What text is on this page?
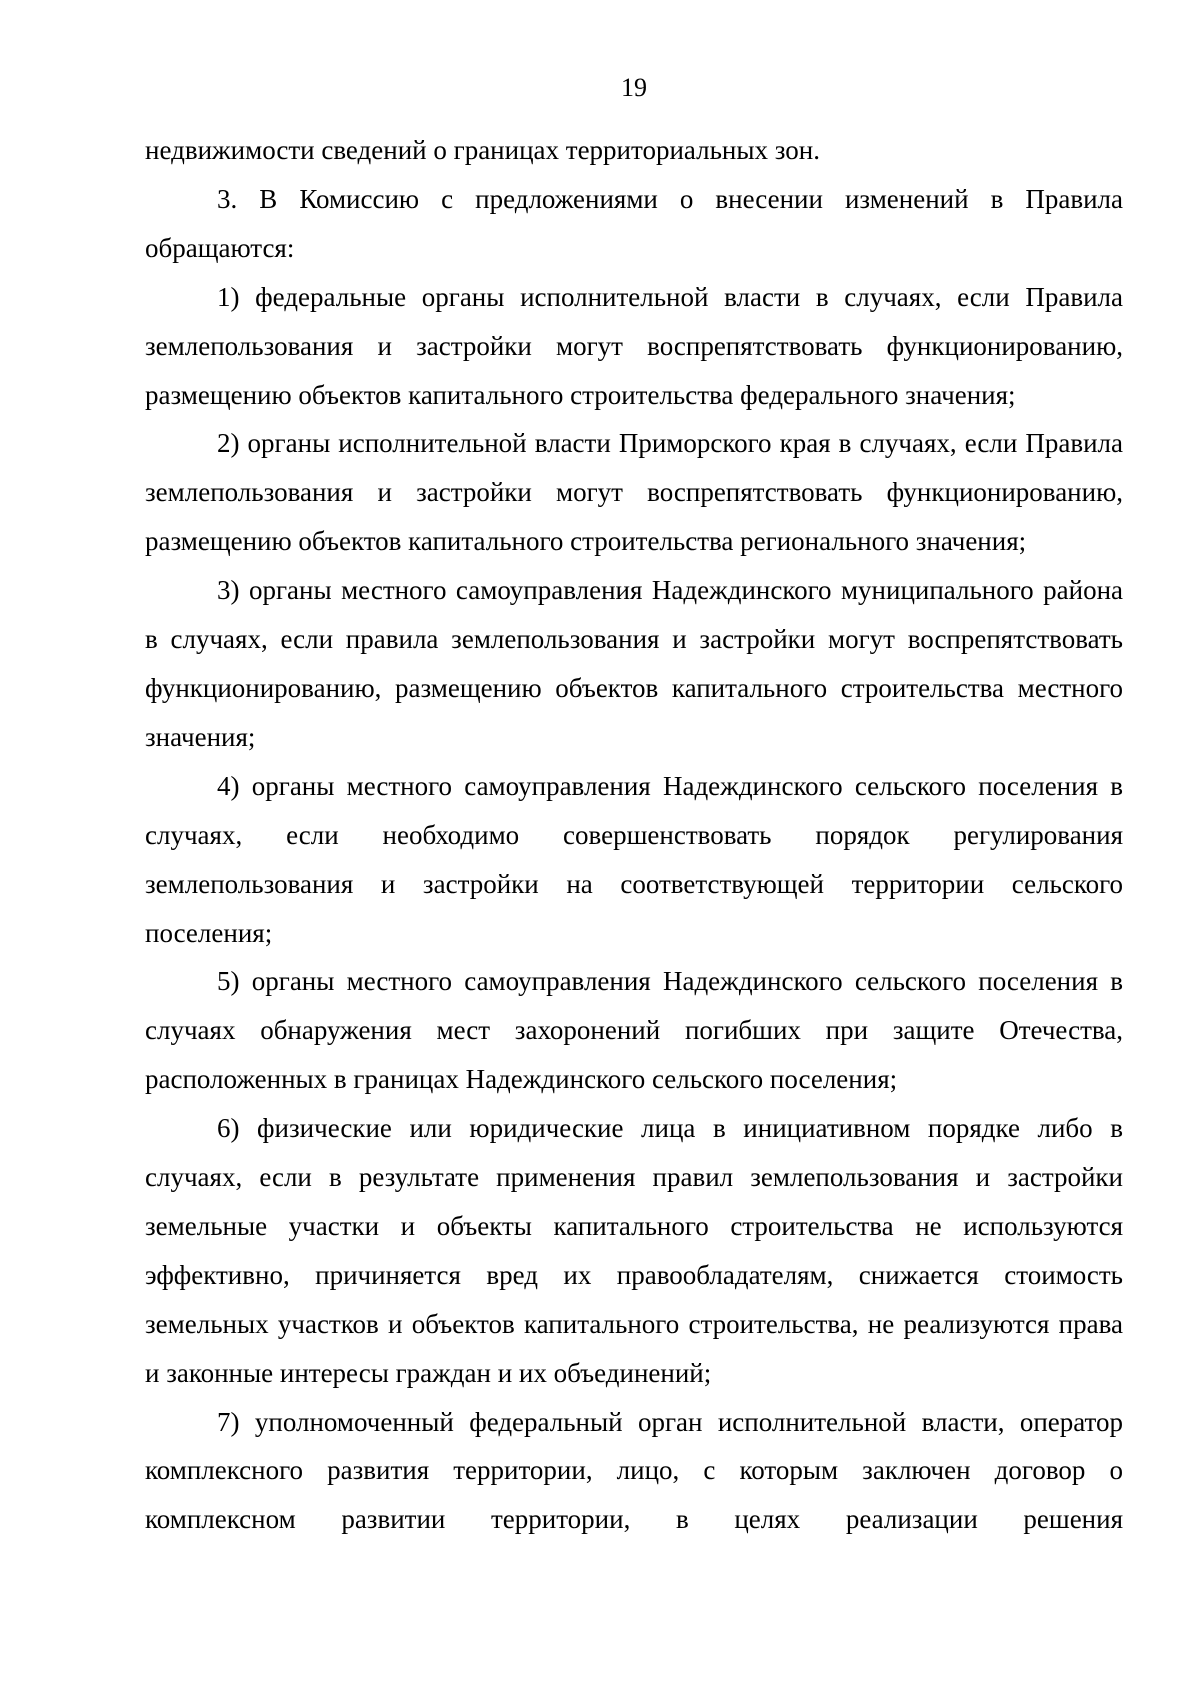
19

недвижимости сведений о границах территориальных зон.

3. В Комиссию с предложениями о внесении изменений в Правила обращаются:

1) федеральные органы исполнительной власти в случаях, если Правила землепользования и застройки могут воспрепятствовать функционированию, размещению объектов капитального строительства федерального значения;

2) органы исполнительной власти Приморского края в случаях, если Правила землепользования и застройки могут воспрепятствовать функционированию, размещению объектов капитального строительства регионального значения;

3) органы местного самоуправления Надеждинского муниципального района в случаях, если правила землепользования и застройки могут воспрепятствовать функционированию, размещению объектов капитального строительства местного значения;

4) органы местного самоуправления Надеждинского сельского поселения в случаях, если необходимо совершенствовать порядок регулирования землепользования и застройки на соответствующей территории сельского поселения;

5) органы местного самоуправления Надеждинского сельского поселения в случаях обнаружения мест захоронений погибших при защите Отечества, расположенных в границах Надеждинского сельского поселения;

6) физические или юридические лица в инициативном порядке либо в случаях, если в результате применения правил землепользования и застройки земельные участки и объекты капитального строительства не используются эффективно, причиняется вред их правообладателям, снижается стоимость земельных участков и объектов капитального строительства, не реализуются права и законные интересы граждан и их объединений;

7) уполномоченный федеральный орган исполнительной власти, оператор комплексного развития территории, лицо, с которым заключен договор о комплексном развитии территории, в целях реализации решения
